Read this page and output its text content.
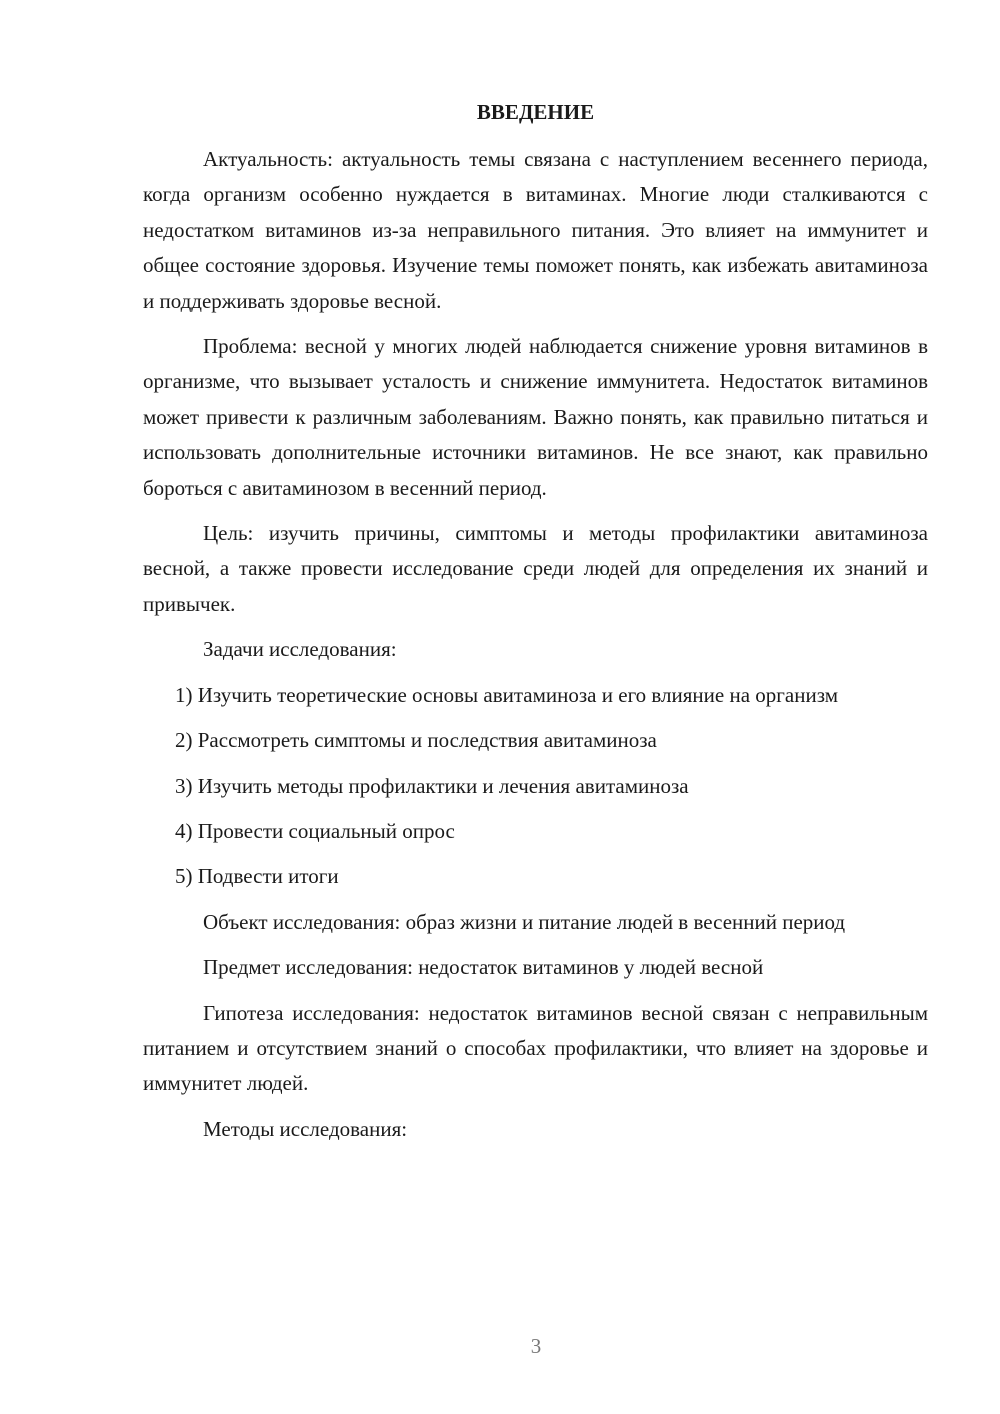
ВВЕДЕНИЕ

Актуальность: актуальность темы связана с наступлением весеннего периода, когда организм особенно нуждается в витаминах. Многие люди сталкиваются с недостатком витаминов из-за неправильного питания. Это влияет на иммунитет и общее состояние здоровья. Изучение темы поможет понять, как избежать авитаминоза и поддерживать здоровье весной.

Проблема: весной у многих людей наблюдается снижение уровня витаминов в организме, что вызывает усталость и снижение иммунитета. Недостаток витаминов может привести к различным заболеваниям. Важно понять, как правильно питаться и использовать дополнительные источники витаминов. Не все знают, как правильно бороться с авитаминозом в весенний период.

Цель: изучить причины, симптомы и методы профилактики авитаминоза весной, а также провести исследование среди людей для определения их знаний и привычек.

Задачи исследования:

1) Изучить теоретические основы авитаминоза и его влияние на организм

2) Рассмотреть симптомы и последствия авитаминоза

3) Изучить методы профилактики и лечения авитаминоза

4) Провести социальный опрос

5) Подвести итоги

Объект исследования: образ жизни и питание людей в весенний период

Предмет исследования: недостаток витаминов у людей весной

Гипотеза исследования: недостаток витаминов весной связан с неправильным питанием и отсутствием знаний о способах профилактики, что влияет на здоровье и иммунитет людей.

Методы исследования:

3
